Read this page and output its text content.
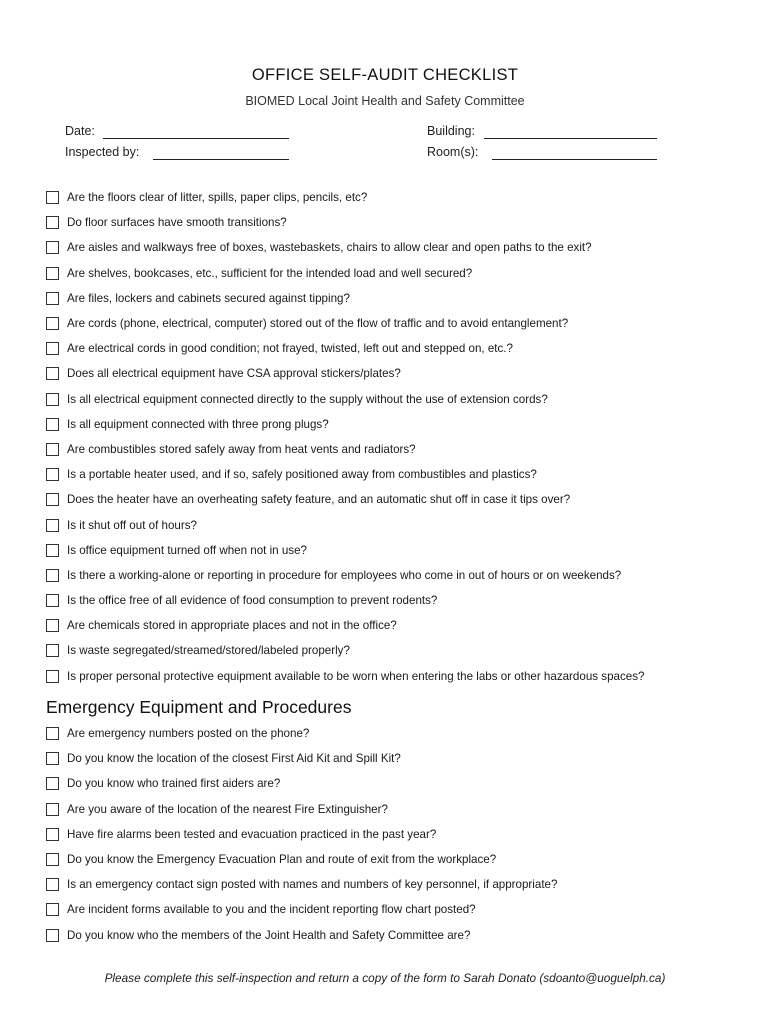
OFFICE SELF-AUDIT CHECKLIST
BIOMED Local Joint Health and Safety Committee
Date:
Inspected by:
Building:
Room(s):
Are the floors clear of litter, spills, paper clips, pencils, etc?
Do floor surfaces have smooth transitions?
Are aisles and walkways free of boxes, wastebaskets, chairs to allow clear and open paths to the exit?
Are shelves, bookcases, etc., sufficient for the intended load and well secured?
Are files, lockers and cabinets secured against tipping?
Are cords (phone, electrical, computer) stored out of the flow of traffic and to avoid entanglement?
Are electrical cords in good condition; not frayed, twisted, left out and stepped on, etc.?
Does all electrical equipment have CSA approval stickers/plates?
Is all electrical equipment connected directly to the supply without the use of extension cords?
Is all equipment connected with three prong plugs?
Are combustibles stored safely away from heat vents and radiators?
Is a portable heater used, and if so, safely positioned away from combustibles and plastics?
Does the heater have an overheating safety feature, and an automatic shut off in case it tips over?
Is it shut off out of hours?
Is office equipment turned off when not in use?
Is there a working-alone or reporting in procedure for employees who come in out of hours or on weekends?
Is the office free of all evidence of food consumption to prevent rodents?
Are chemicals stored in appropriate places and not in the office?
Is waste segregated/streamed/stored/labeled properly?
Is proper personal protective equipment available to be worn when entering the labs or other hazardous spaces?
Emergency Equipment and Procedures
Are emergency numbers posted on the phone?
Do you know the location of the closest First Aid Kit and Spill Kit?
Do you know who trained first aiders are?
Are you aware of the location of the nearest Fire Extinguisher?
Have fire alarms been tested and evacuation practiced in the past year?
Do you know the Emergency Evacuation Plan and route of exit from the workplace?
Is an emergency contact sign posted with names and numbers of key personnel, if appropriate?
Are incident forms available to you and the incident reporting flow chart posted?
Do you know who the members of the Joint Health and Safety Committee are?
Please complete this self-inspection and return a copy of the form to Sarah Donato (sdoanto@uoguelph.ca)
